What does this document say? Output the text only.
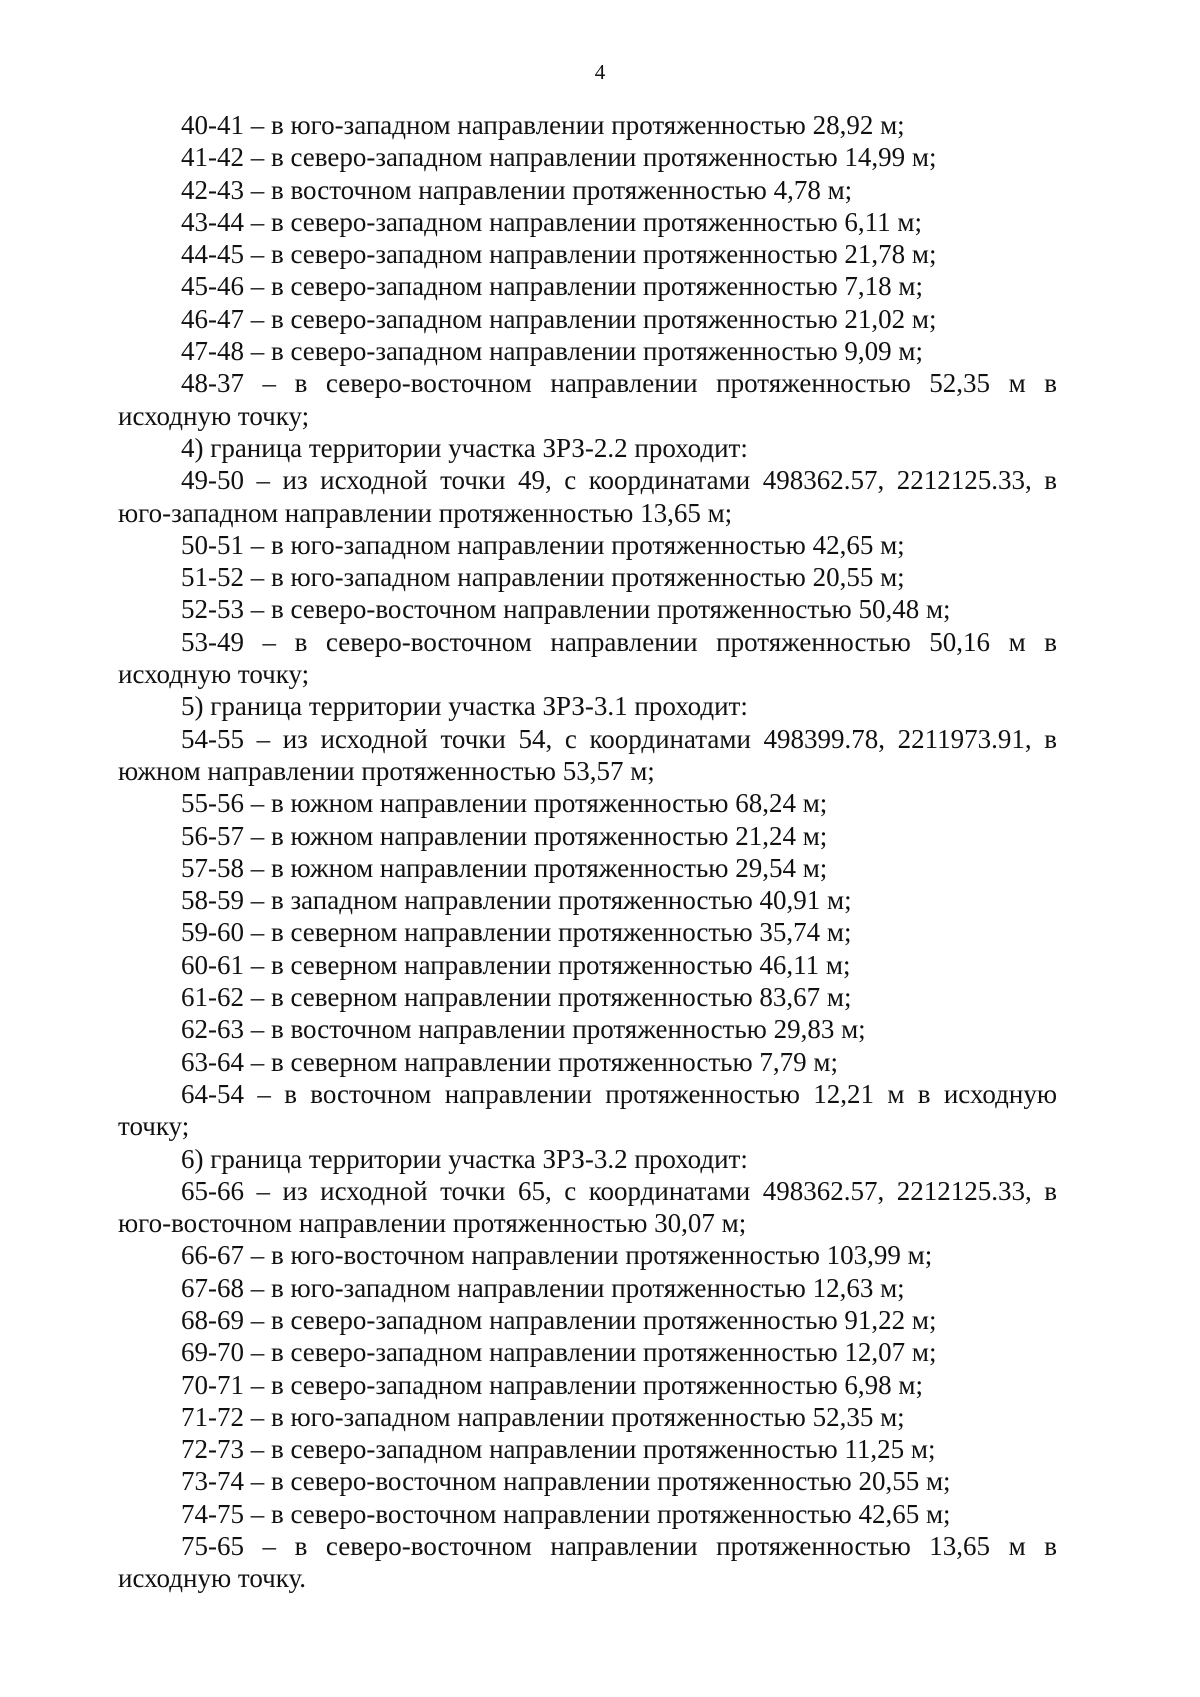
4

40-41 – в юго-западном направлении протяженностью 28,92 м;

41-42 – в северо-западном направлении протяженностью 14,99 м;

42-43 – в восточном направлении протяженностью 4,78 м;

43-44 – в северо-западном направлении протяженностью 6,11 м;

44-45 – в северо-западном направлении протяженностью 21,78 м;

45-46 – в северо-западном направлении протяженностью 7,18 м;

46-47 – в северо-западном направлении протяженностью 21,02 м;

47-48 – в северо-западном направлении протяженностью 9,09 м;

48-37 – в северо-восточном направлении протяженностью 52,35 м в исходную точку;

4) граница территории участка ЗРЗ-2.2 проходит:

49-50 – из исходной точки 49, с координатами 498362.57, 2212125.33, в юго-западном направлении протяженностью 13,65 м;

50-51 – в юго-западном направлении протяженностью 42,65 м;

51-52 – в юго-западном направлении протяженностью 20,55 м;

52-53 – в северо-восточном направлении протяженностью 50,48 м;

53-49 – в северо-восточном направлении протяженностью 50,16 м в исходную точку;

5) граница территории участка ЗРЗ-3.1 проходит:

54-55 – из исходной точки 54, с координатами 498399.78, 2211973.91, в южном направлении протяженностью 53,57 м;

55-56 – в южном направлении протяженностью 68,24 м;

56-57 – в южном направлении протяженностью 21,24 м;

57-58 – в южном направлении протяженностью 29,54 м;

58-59 – в западном направлении протяженностью 40,91 м;

59-60 – в северном направлении протяженностью 35,74 м;

60-61 – в северном направлении протяженностью 46,11 м;

61-62 – в северном направлении протяженностью 83,67 м;

62-63 – в восточном направлении протяженностью 29,83 м;

63-64 – в северном направлении протяженностью 7,79 м;

64-54 – в восточном направлении протяженностью 12,21 м в исходную точку;

6) граница территории участка ЗРЗ-3.2 проходит:

65-66 – из исходной точки 65, с координатами 498362.57, 2212125.33, в юго-восточном направлении протяженностью 30,07 м;

66-67 – в юго-восточном направлении протяженностью 103,99 м;

67-68 – в юго-западном направлении протяженностью 12,63 м;

68-69 – в северо-западном направлении протяженностью 91,22 м;

69-70 – в северо-западном направлении протяженностью 12,07 м;

70-71 – в северо-западном направлении протяженностью 6,98 м;

71-72 – в юго-западном направлении протяженностью 52,35 м;

72-73 – в северо-западном направлении протяженностью 11,25 м;

73-74 – в северо-восточном направлении протяженностью 20,55 м;

74-75 – в северо-восточном направлении протяженностью 42,65 м;

75-65 – в северо-восточном направлении протяженностью 13,65 м в исходную точку.
